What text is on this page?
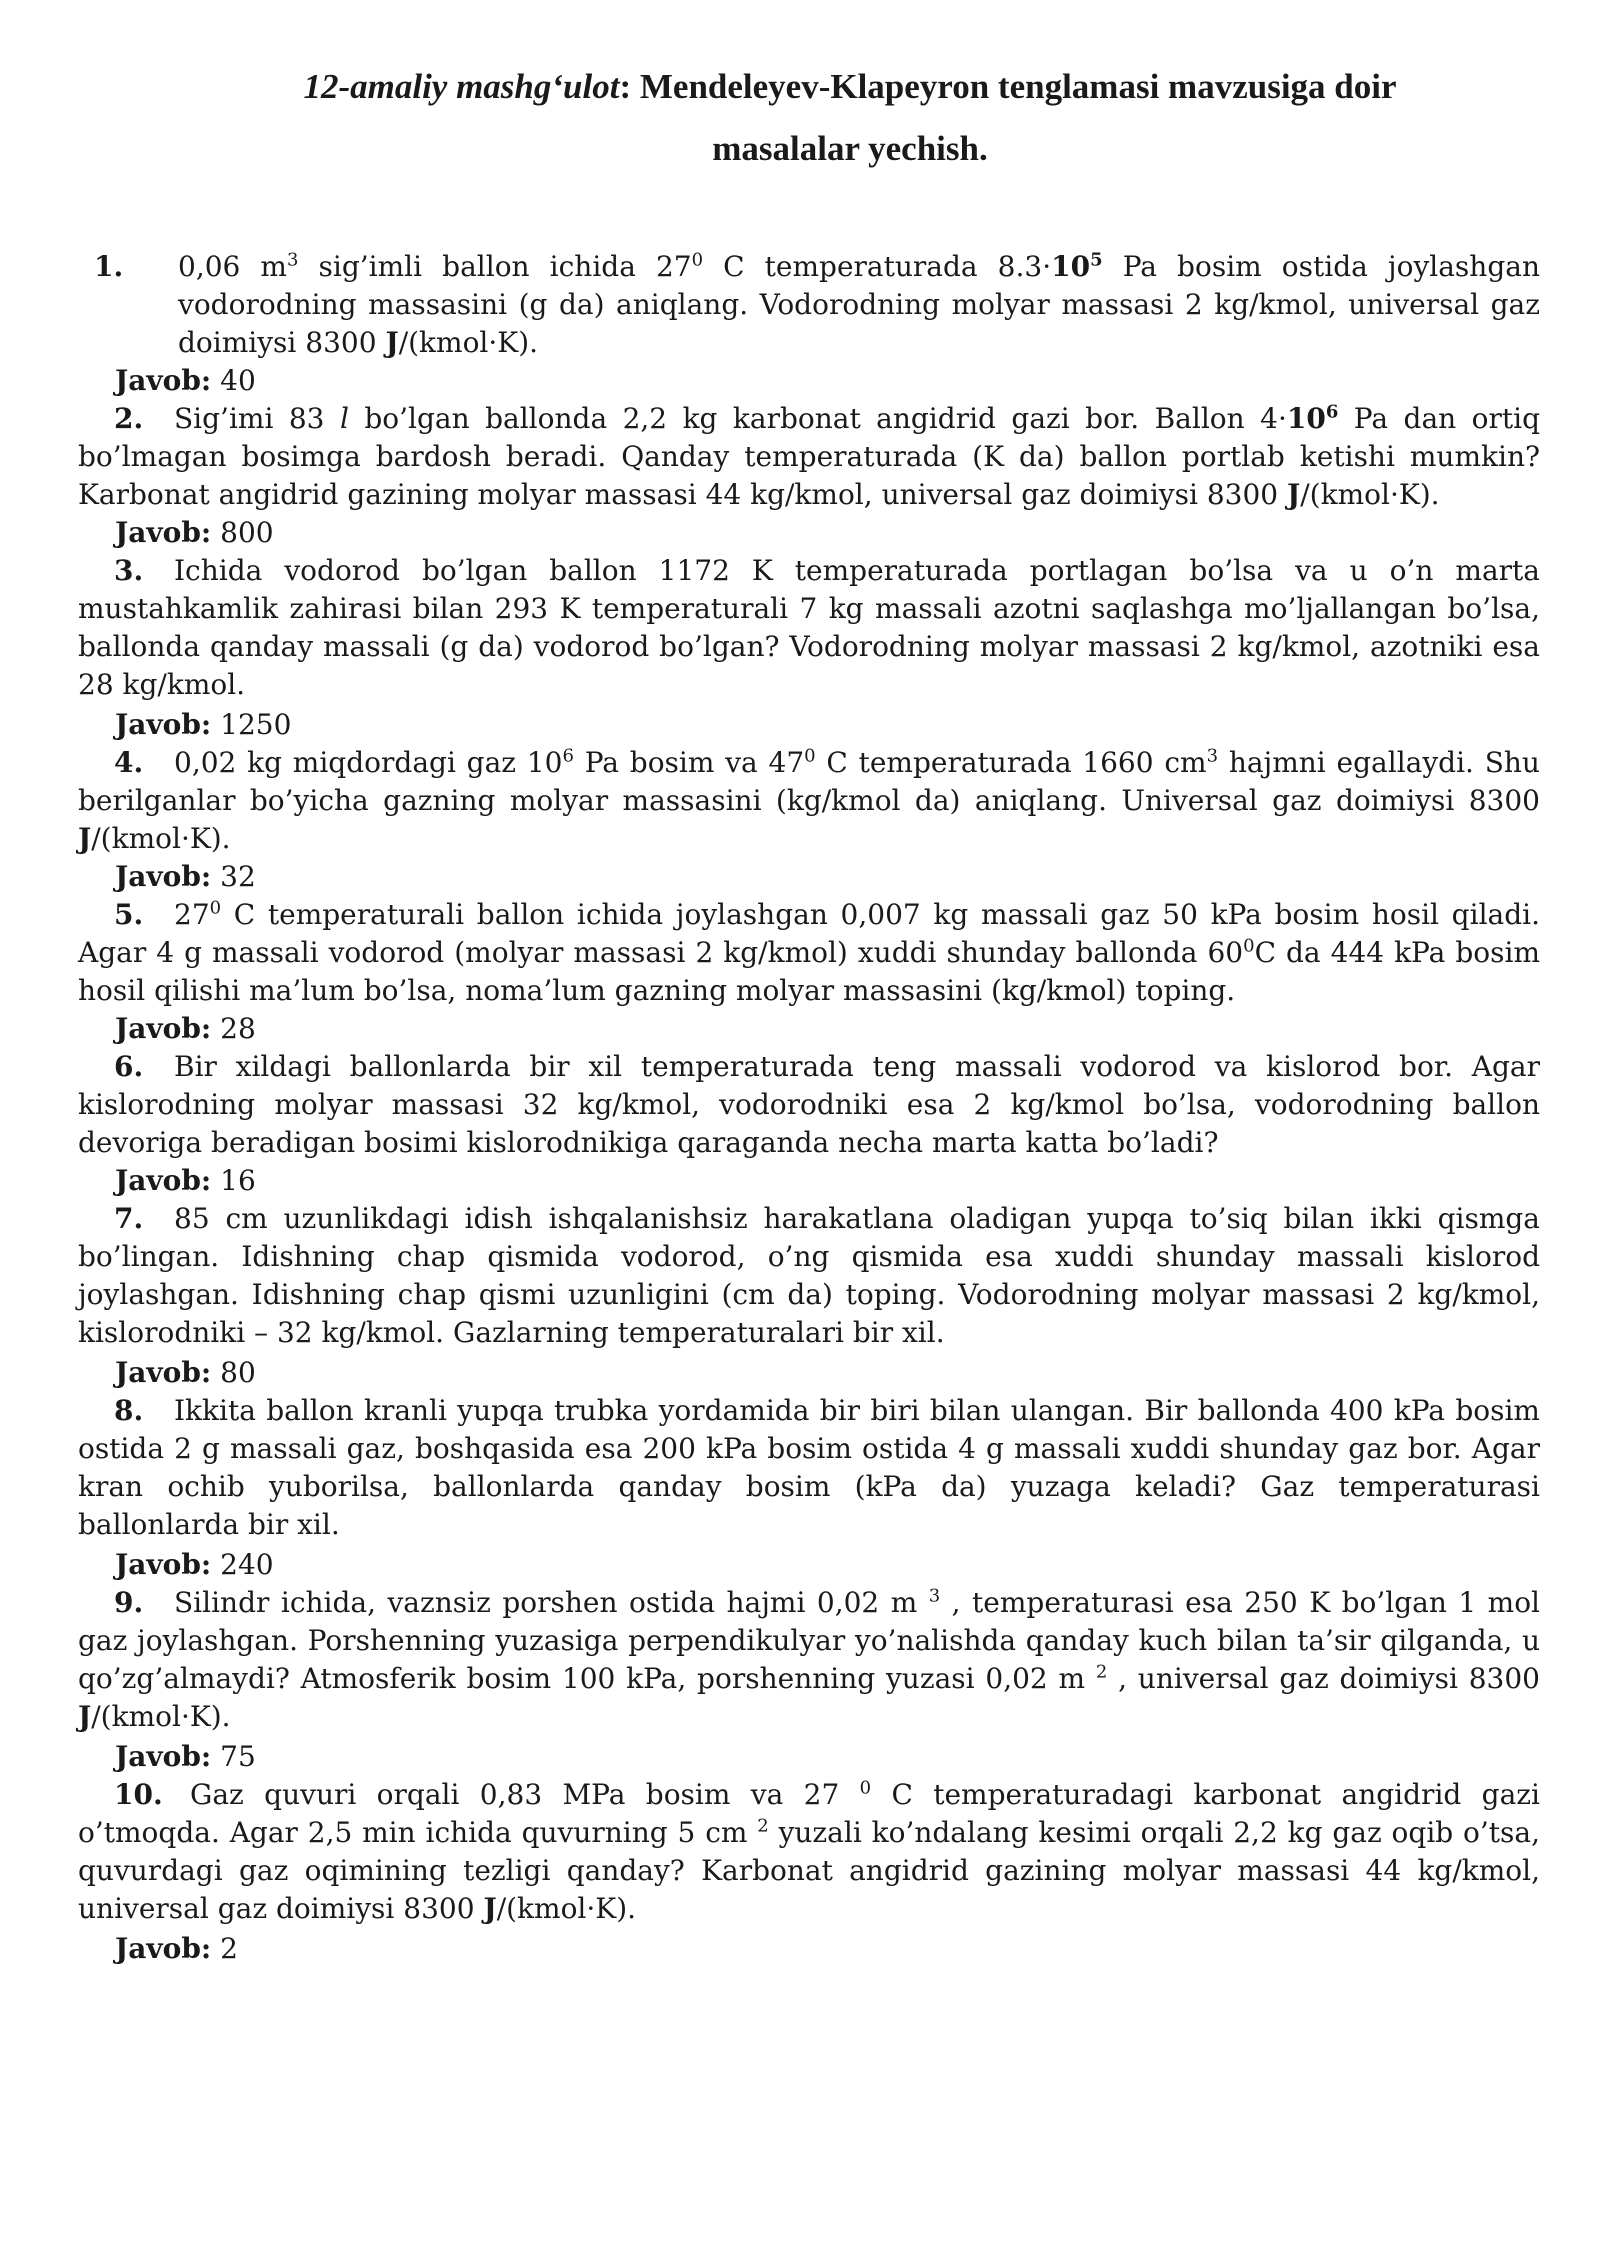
12-amaliy mashg‘ulot: Mendeleyev-Klapeyron tenglamasi mavzusiga doir
masalalar yechish.
1. 0,06 $m^3$ sig’imli ballon ichida $27^0$ C temperaturada $8.3\cdot 10^5$ Pa bosim ostida joylashgan vodorodning massasini (g da) aniqlang. Vodorodning molyar massasi 2 kg/kmol, universal gaz doimiysi 8300 J/(kmol·K).
Javob: 40
2. Sig’imi 83 l bo’lgan ballonda 2,2 kg karbonat angidrid gazi bor. Ballon $4\cdot 10^6$ Pa dan ortiq bo’lmagan bosimga bardosh beradi. Qanday temperaturada (K da) ballon portlab ketishi mumkin? Karbonat angidrid gazining molyar massasi 44 kg/kmol, universal gaz doimiysi 8300 J/(kmol·K).
Javob: 800
3. Ichida vodorod bo’lgan ballon 1172 K temperaturada portlagan bo’lsa va u o’n marta mustahkamlik zahirasi bilan 293 K temperaturali 7 kg massali azotni saqlashga mo’ljallangan bo’lsa, ballonda qanday massali (g da) vodorod bo’lgan? Vodorodning molyar massasi 2 kg/kmol, azotniki esa 28 kg/kmol.
Javob: 1250
4. 0,02 kg miqdordagi gaz $10^6$ Pa bosim va $47^0$ C temperaturada 1660 $cm^3$ hajmni egallaydi. Shu berilganlar bo’yicha gazning molyar massasini (kg/kmol da) aniqlang. Universal gaz doimiysi 8300 J/(kmol·K).
Javob: 32
5. $27^0$ C temperaturali ballon ichida joylashgan 0,007 kg massali gaz 50 kPa bosim hosil qiladi. Agar 4 g massali vodorod (molyar massasi 2 kg/kmol) xuddi shunday ballonda $60^0C$ da 444 kPa bosim hosil qilishi ma’lum bo’lsa, noma’lum gazning molyar massasini (kg/kmol) toping.
Javob: 28
6. Bir xildagi ballonlarda bir xil temperaturada teng massali vodorod va kislorod bor. Agar kislorodning molyar massasi 32 kg/kmol, vodorodniki esa 2 kg/kmol bo’lsa, vodorodning ballon devoriga beradigan bosimi kislorodnikiga qaraganda necha marta katta bo’ladi?
Javob: 16
7. 85 cm uzunlikdagi idish ishqalanishsiz harakatlana oladigan yupqa to’siq bilan ikki qismga bo’lingan. Idishning chap qismida vodorod, o’ng qismida esa xuddi shunday massali kislorod joylashgan. Idishning chap qismi uzunligini (cm da) toping. Vodorodning molyar massasi 2 kg/kmol, kislorodniki – 32 kg/kmol. Gazlarning temperaturalari bir xil.
Javob: 80
8. Ikkita ballon kranli yupqa trubka yordamida bir biri bilan ulangan. Bir ballonda 400 kPa bosim ostida 2 g massali gaz, boshqasida esa 200 kPa bosim ostida 4 g massali xuddi shunday gaz bor. Agar kran ochib yuborilsa, ballonlarda qanday bosim (kPa da) yuzaga keladi? Gaz temperaturasi ballonlarda bir xil.
Javob: 240
9. Silindr ichida, vaznsiz porshen ostida hajmi 0,02 m $^3$ , temperaturasi esa 250 K bo’lgan 1 mol gaz joylashgan. Porshenning yuzasiga perpendikulyar yo’nalishda qanday kuch bilan ta’sir qilganda, u qo’zg’almaydi? Atmosferik bosim 100 kPa, porshenning yuzasi 0,02 m $^2$ , universal gaz doimiysi 8300 J/(kmol·K).
Javob: 75
10. Gaz quvuri orqali 0,83 MPa bosim va 27 $^0$ C temperaturadagi karbonat angidrid gazi o’tmoqda. Agar 2,5 min ichida quvurning 5 cm $^2$ yuzali ko’ndalang kesimi orqali 2,2 kg gaz oqib o’tsa, quvurdagi gaz oqimining tezligi qanday? Karbonat angidrid gazining molyar massasi 44 kg/kmol, universal gaz doimiysi 8300 J/(kmol·K).
Javob: 2
